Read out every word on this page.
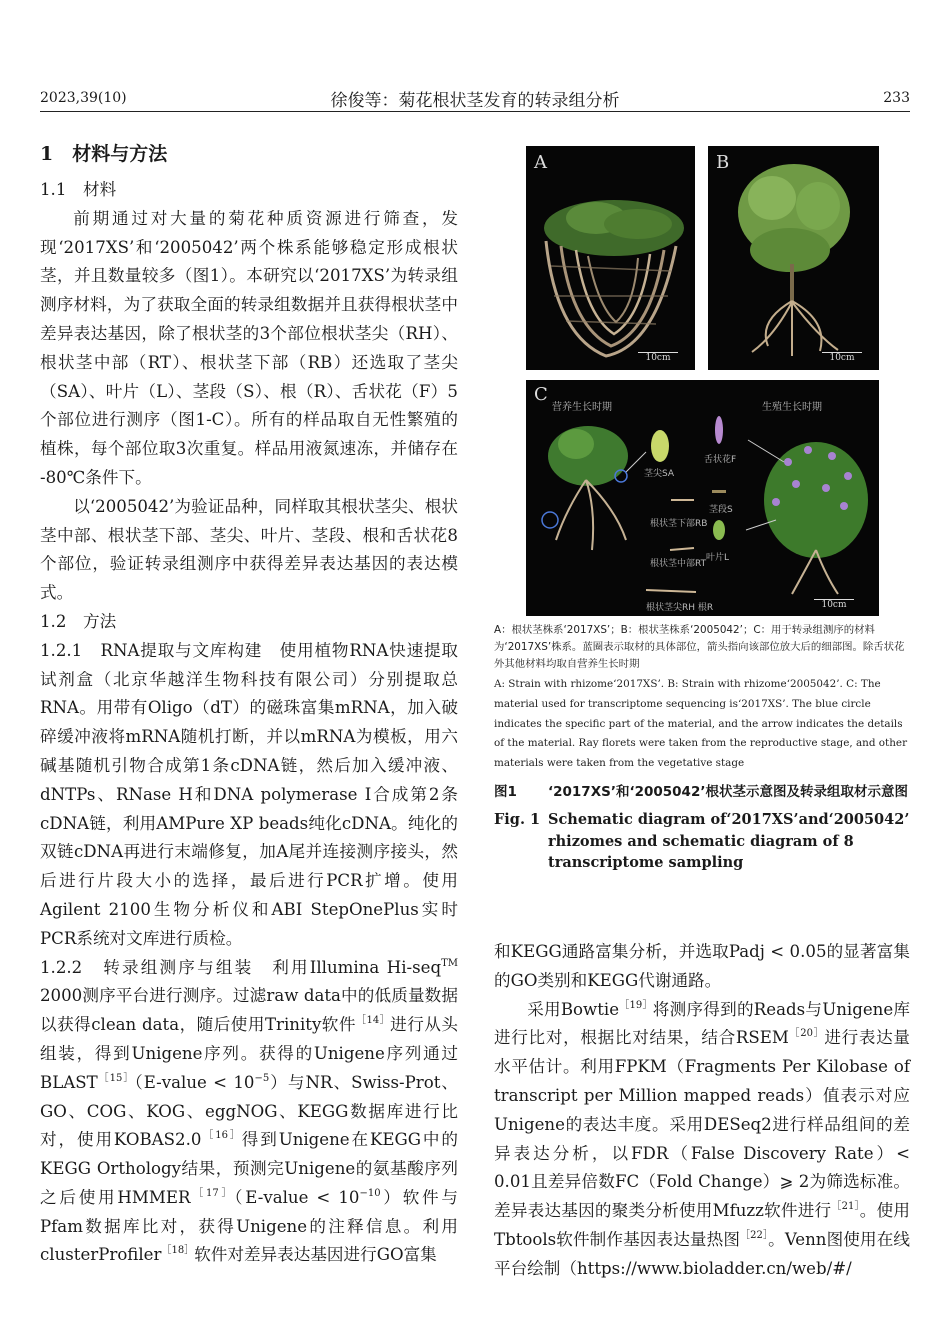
2023,39(10)	徐俊等：菊花根状茎发育的转录组分析	233
1　材料与方法
1.1　材料

前期通过对大量的菊花种质资源进行筛查，发现‘2017XS’和‘2005042’两个株系能够稳定形成根状茎，并且数量较多（图1）。本研究以‘2017XS’为转录组测序材料，为了获取全面的转录组数据并且获得根状茎中差异表达基因，除了根状茎的3个部位根状茎尖（RH）、根状茎中部（RT）、根状茎下部（RB）还选取了茎尖（SA）、叶片（L）、茎段（S）、根（R）、舌状花（F）5个部位进行测序（图1-C）。所有的样品取自无性繁殖的植株，每个部位取3次重复。样品用液氮速冻，并储存在 -80℃条件下。

以‘2005042’为验证品种，同样取其根状茎尖、根状茎中部、根状茎下部、茎尖、叶片、茎段、根和舌状花8个部位，验证转录组测序中获得差异表达基因的表达模式。

1.2　方法

1.2.1　RNA提取与文库构建　 使用植物RNA快速提取试剂盒（北京华越洋生物科技有限公司）分别提取总RNA。用带有Oligo（dT）的磁珠富集mRNA，加入破碎缓冲液将mRNA随机打断，并以mRNA为模板，用六碱基随机引物合成第1条cDNA链，然后加入缓冲液、dNTPs、RNase H和DNA polymerase Ⅰ合成第2条cDNA链，利用AMPure XP beads纯化cDNA。纯化的双链cDNA再进行末端修复，加A尾并连接测序接头，然后进行片段大小的选择，最后进行PCR扩增。使用Agilent 2100生物分析仪和ABI StepOnePlus实时PCR系统对文库进行质检。

1.2.2　转录组测序与组装　 利用Illumina Hi-seq™ 2000测序平台进行测序。过滤raw data中的低质量数据以获得clean data，随后使用Trinity软件$^{[14]}$进行从头组装，得到Unigene序列。获得的Unigene序列通过$BLAST^{[15]}(E$-value < $10^{-5}$）与NR、Swiss-Prot、GO、COG、KOG、eggNOG、KEGG数据库进行比对，使用$KOBAS2.0^{[16]}$得到Unigene在KEGG中的KEGG Orthology结果，预测完Unigene的氨基酸序列之后使用$HMMER^{[17]}(E$-value < $10^{-10}$）软件与Pfam数据库比对，获得Unigene的注释信息。利用clusterProfiler$^{[18]}$软件对差异表达基因进行GO富集

A
10cm
B
10cm
C
营养生长时期	生殖生长时期
茎尖SA
舌状花F
茎段S
叶片L
根状茎下部RB
根状茎中部RT
根状茎尖RH 根R	10cm

A：根状茎株系‘2017XS’；B：根状茎株系‘2005042’；C：用于转录组测序的材料为‘2017XS’株系。蓝圈表示取材的具体部位，箭头指向该部位放大后的细部图。除舌状花外其他材料均取自营养生长时期

A: Strain with rhizome‘2017XS’. B: Strain with rhizome‘2005042’. C: The material used for transcriptome sequencing is‘2017XS’. The blue circle indicates the specific part of the material, and the arrow indicates the details of the material. Ray florets were taken from the reproductive stage, and other materials were taken from the vegetative stage

图1	‘2017XS’和‘2005042’根状茎示意图及转录组取材示意图
Fig. 1 Schematic diagram of‘2017XS’and‘2005042’ rhizomes and schematic diagram of 8 transcriptome sampling

和KEGG通路富集分析，并选取Padj < 0.05的显著富集的GO类别和KEGG代谢通路。

采用Bowtie$^{[19]}$将测序得到的Reads与Unigene库进行比对，根据比对结果，结合$RSEM^{[20]}$进行表达量水平估计。利用FPKM（Fragments Per Kilobase of transcript per Million mapped reads）值表示对应Unigene的表达丰度。采用DESeq2进行样品组间的差异表达分析，以FDR（False Discovery Rate）< 0.01且差异倍数FC（Fold Change）⩾ 2为筛选标准。差异表达基因的聚类分析使用Mfuzz软件进行$^{[21]}$。使用Tbtools软件制作基因表达量热图$^{[22]}$。Venn图使用在线平台绘制（https://www.bioladder.cn/web/#/
